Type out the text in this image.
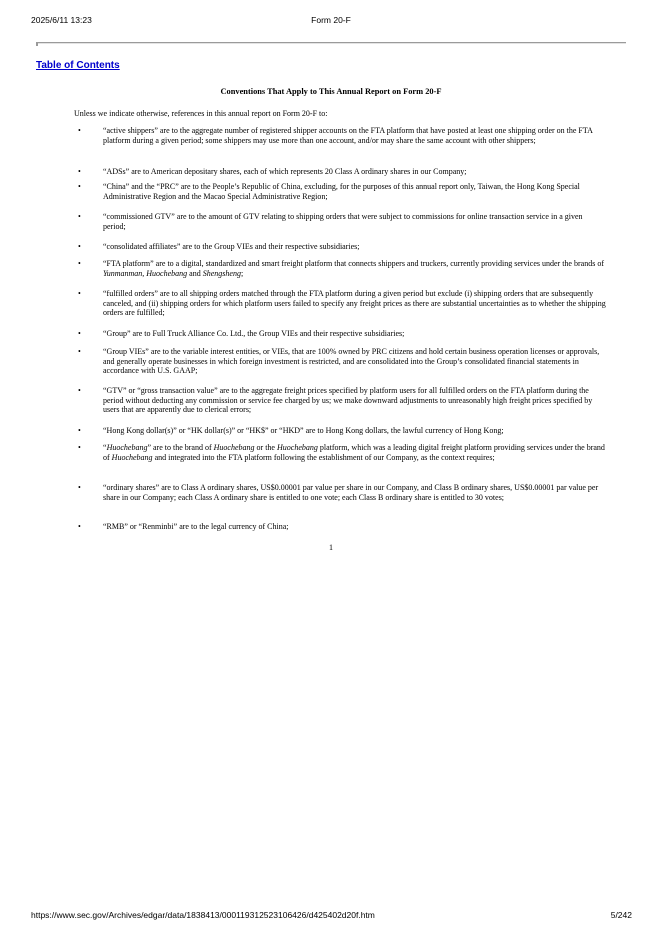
2025/6/11 13:23	Form 20-F
Table of Contents
Conventions That Apply to This Annual Report on Form 20-F
Unless we indicate otherwise, references in this annual report on Form 20-F to:
•	“active shippers” are to the aggregate number of registered shipper accounts on the FTA platform that have posted at least one shipping order on the FTA platform during a given period; some shippers may use more than one account, and/or may share the same account with other shippers;
•	“ADSs” are to American depositary shares, each of which represents 20 Class A ordinary shares in our Company;
•	“China” and the “PRC” are to the People’s Republic of China, excluding, for the purposes of this annual report only, Taiwan, the Hong Kong Special Administrative Region and the Macao Special Administrative Region;
•	“commissioned GTV” are to the amount of GTV relating to shipping orders that were subject to commissions for online transaction service in a given period;
•	“consolidated affiliates” are to the Group VIEs and their respective subsidiaries;
•	“FTA platform” are to a digital, standardized and smart freight platform that connects shippers and truckers, currently providing services under the brands of Yunmanman, Huochebang and Shengsheng;
•	“fulfilled orders” are to all shipping orders matched through the FTA platform during a given period but exclude (i) shipping orders that are subsequently canceled, and (ii) shipping orders for which platform users failed to specify any freight prices as there are substantial uncertainties as to whether the shipping orders are fulfilled;
•	“Group” are to Full Truck Alliance Co. Ltd., the Group VIEs and their respective subsidiaries;
•	“Group VIEs” are to the variable interest entities, or VIEs, that are 100% owned by PRC citizens and hold certain business operation licenses or approvals, and generally operate businesses in which foreign investment is restricted, and are consolidated into the Group’s consolidated financial statements in accordance with U.S. GAAP;
•	“GTV” or “gross transaction value” are to the aggregate freight prices specified by platform users for all fulfilled orders on the FTA platform during the period without deducting any commission or service fee charged by us; we make downward adjustments to unreasonably high freight prices specified by users that are apparently due to clerical errors;
•	“Hong Kong dollar(s)” or “HK dollar(s)” or “HK$” or “HKD” are to Hong Kong dollars, the lawful currency of Hong Kong;
•	“Huochebang” are to the brand of Huochebang or the Huochebang platform, which was a leading digital freight platform providing services under the brand of Huochebang and integrated into the FTA platform following the establishment of our Company, as the context requires;
•	“ordinary shares” are to Class A ordinary shares, US$0.00001 par value per share in our Company, and Class B ordinary shares, US$0.00001 par value per share in our Company; each Class A ordinary share is entitled to one vote; each Class B ordinary share is entitled to 30 votes;
•	“RMB” or “Renminbi” are to the legal currency of China;
1
https://www.sec.gov/Archives/edgar/data/1838413/000119312523106426/d425402d20f.htm	5/242
